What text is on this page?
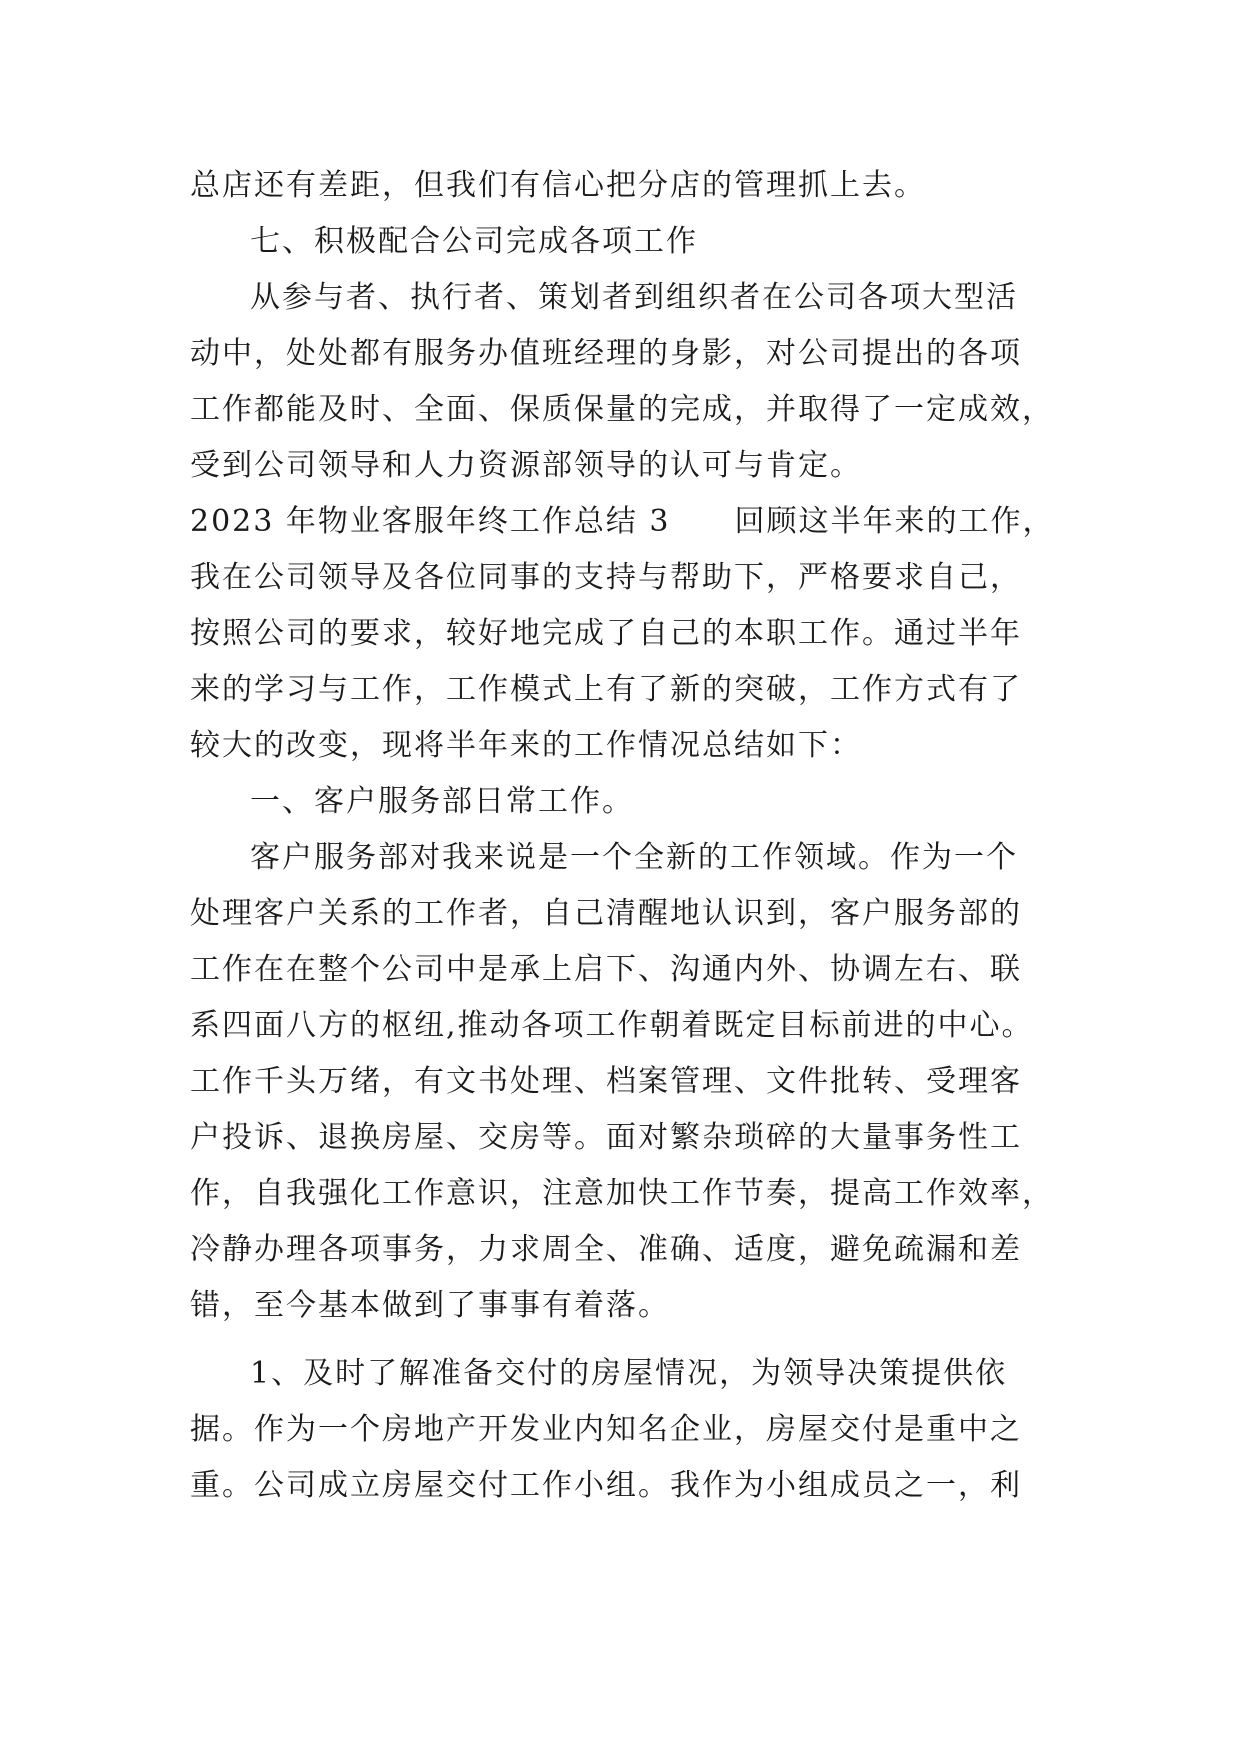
总店还有差距，但我们有信心把分店的管理抓上去。
七、积极配合公司完成各项工作
从参与者、执行者、策划者到组织者在公司各项大型活
动中，处处都有服务办值班经理的身影，对公司提出的各项
工作都能及时、全面、保质保量的完成，并取得了一定成效，
受到公司领导和人力资源部领导的认可与肯定。
2023 年物业客服年终工作总结 3　　回顾这半年来的工作，
我在公司领导及各位同事的支持与帮助下，严格要求自己，
按照公司的要求，较好地完成了自己的本职工作。通过半年
来的学习与工作，工作模式上有了新的突破，工作方式有了
较大的改变，现将半年来的工作情况总结如下：
一、客户服务部日常工作。
客户服务部对我来说是一个全新的工作领域。作为一个
处理客户关系的工作者，自己清醒地认识到，客户服务部的
工作在在整个公司中是承上启下、沟通内外、协调左右、联
系四面八方的枢纽,推动各项工作朝着既定目标前进的中心。
工作千头万绪，有文书处理、档案管理、文件批转、受理客
户投诉、退换房屋、交房等。面对繁杂琐碎的大量事务性工
作，自我强化工作意识，注意加快工作节奏，提高工作效率，
冷静办理各项事务，力求周全、准确、适度，避免疏漏和差
错，至今基本做到了事事有着落。
1、及时了解准备交付的房屋情况，为领导决策提供依
据。作为一个房地产开发业内知名企业，房屋交付是重中之
重。公司成立房屋交付工作小组。我作为小组成员之一，利
